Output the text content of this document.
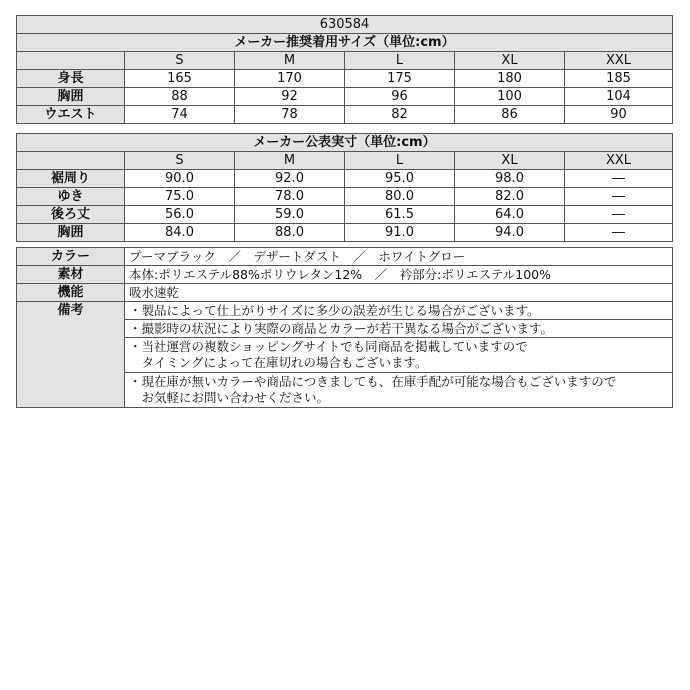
630584					
メーカー推奨着用サイズ（単位:cm）					
	S	M	L	XL	XXL
身長	165	170	175	180	185
胸囲	88	92	96	100	104
ウエスト	74	78	82	86	90
メーカー公表実寸（単位:cm）					
	S	M	L	XL	XXL
裾周り	90.0	92.0	95.0	98.0	―
ゆき	75.0	78.0	80.0	82.0	―
後ろ丈	56.0	59.0	61.5	64.0	―
胸囲	84.0	88.0	91.0	94.0	―
カラー	プーマブラック　／　デザートダスト　／　ホワイトグロー
素材	本体:ポリエステル88%ポリウレタン12%　／　衿部分:ポリエステル100%
機能	吸水速乾
備考	・製品によって仕上がりサイズに多少の誤差が生じる場合がございます。
	・撮影時の状況により実際の商品とカラーが若干異なる場合がございます。

	・当社運営の複数ショッピングサイトでも同商品を掲載していますので
　タイミングによって在庫切れの場合もございます。

	・現在庫が無いカラーや商品につきましても、在庫手配が可能な場合もございますので
　お気軽にお問い合わせください。
